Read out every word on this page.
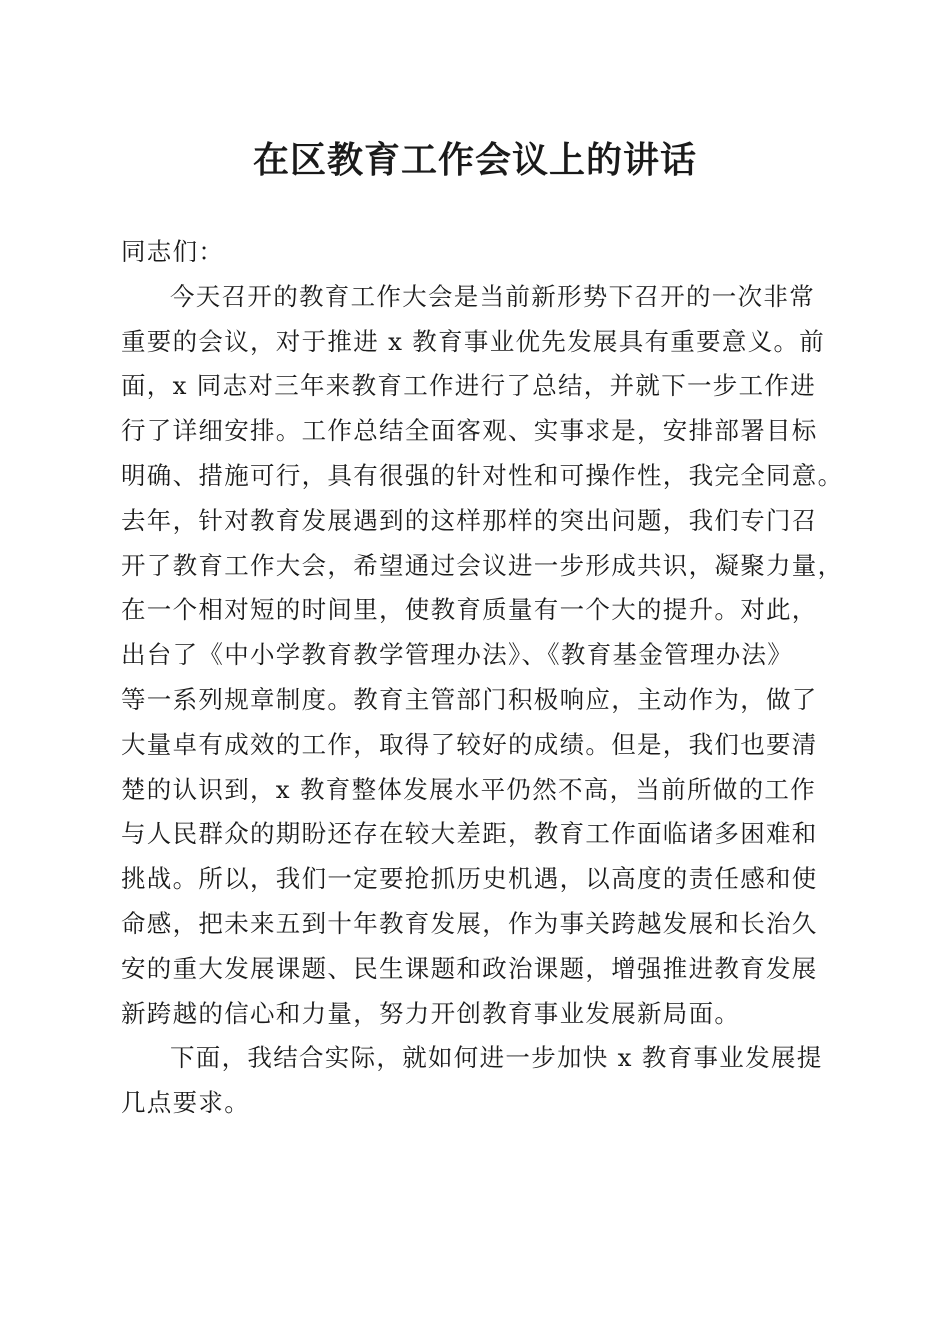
在区教育工作会议上的讲话
同志们：
今天召开的教育工作大会是当前新形势下召开的一次非常
重要的会议，对于推进 x 教育事业优先发展具有重要意义。前
面，x 同志对三年来教育工作进行了总结，并就下一步工作进
行了详细安排。工作总结全面客观、实事求是，安排部署目标
明确、措施可行，具有很强的针对性和可操作性，我完全同意。
去年，针对教育发展遇到的这样那样的突出问题，我们专门召
开了教育工作大会，希望通过会议进一步形成共识，凝聚力量，
在一个相对短的时间里，使教育质量有一个大的提升。对此，
出台了《中小学教育教学管理办法》、《教育基金管理办法》
等一系列规章制度。教育主管部门积极响应，主动作为，做了
大量卓有成效的工作，取得了较好的成绩。但是，我们也要清
楚的认识到，x 教育整体发展水平仍然不高，当前所做的工作
与人民群众的期盼还存在较大差距，教育工作面临诸多困难和
挑战。所以，我们一定要抢抓历史机遇，以高度的责任感和使
命感，把未来五到十年教育发展，作为事关跨越发展和长治久
安的重大发展课题、民生课题和政治课题，增强推进教育发展
新跨越的信心和力量，努力开创教育事业发展新局面。
下面，我结合实际，就如何进一步加快 x 教育事业发展提
几点要求。
